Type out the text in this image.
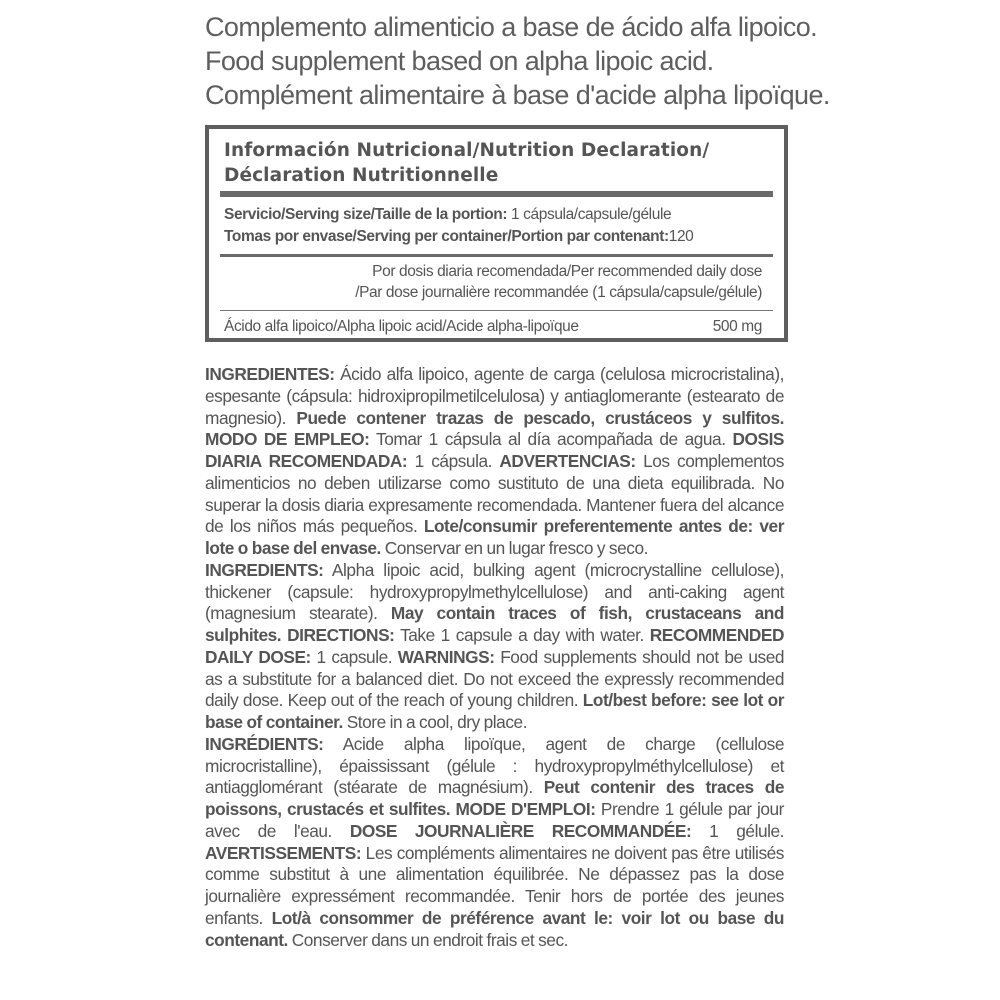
Complemento alimenticio a base de ácido alfa lipoico.
Food supplement based on alpha lipoic acid.
Complément alimentaire à base d'acide alpha lipoïque.
Información Nutricional/Nutrition Declaration/
Déclaration Nutritionnelle
Servicio/Serving size/Taille de la portion: 1 cápsula/capsule/gélule
Tomas por envase/Serving per container/Portion par contenant:120
Por dosis diaria recomendada/Per recommended daily dose
/Par dose journalière recommandée (1 cápsula/capsule/gélule)
Ácido alfa lipoico/Alpha lipoic acid/Acide alpha-lipoïque	500 mg

INGREDIENTES: Ácido alfa lipoico, agente de carga (celulosa microcristalina), espesante (cápsula: hidroxipropilmetilcelulosa) y antiaglomerante (estearato de magnesio). Puede contener trazas de pescado, crustáceos y sulfitos. MODO DE EMPLEO: Tomar 1 cápsula al día acompañada de agua. DOSIS DIARIA RECOMENDADA: 1 cápsula. ADVERTENCIAS: Los complementos alimenticios no deben utilizarse como sustituto de una dieta equilibrada. No superar la dosis diaria expresamente recomendada. Mantener fuera del alcance de los niños más pequeños. Lote/consumir preferentemente antes de: ver lote o base del envase. Conservar en un lugar fresco y seco.

INGREDIENTS: Alpha lipoic acid, bulking agent (microcrystalline cellulose), thickener (capsule: hydroxypropylmethylcellulose) and anti-caking agent (magnesium stearate). May contain traces of fish, crustaceans and sulphites. DIRECTIONS: Take 1 capsule a day with water. RECOMMENDED DAILY DOSE: 1 capsule. WARNINGS: Food supplements should not be used as a substitute for a balanced diet. Do not exceed the expressly recommended daily dose. Keep out of the reach of young children. Lot/best before: see lot or base of container. Store in a cool, dry place.

INGRÉDIENTS: Acide alpha lipoïque, agent de charge (cellulose microcristalline), épaississant (gélule : hydroxypropylméthylcellulose) et antiagglomérant (stéarate de magnésium). Peut contenir des traces de poissons, crustacés et sulfites. MODE D'EMPLOI: Prendre 1 gélule par jour avec de l'eau. DOSE JOURNALIÈRE RECOMMANDÉE: 1 gélule. AVERTISSEMENTS: Les compléments alimentaires ne doivent pas être utilisés comme substitut à une alimentation équilibrée. Ne dépassez pas la dose journalière expressément recommandée. Tenir hors de portée des jeunes enfants. Lot/à consommer de préférence avant le: voir lot ou base du contenant. Conserver dans un endroit frais et sec.
